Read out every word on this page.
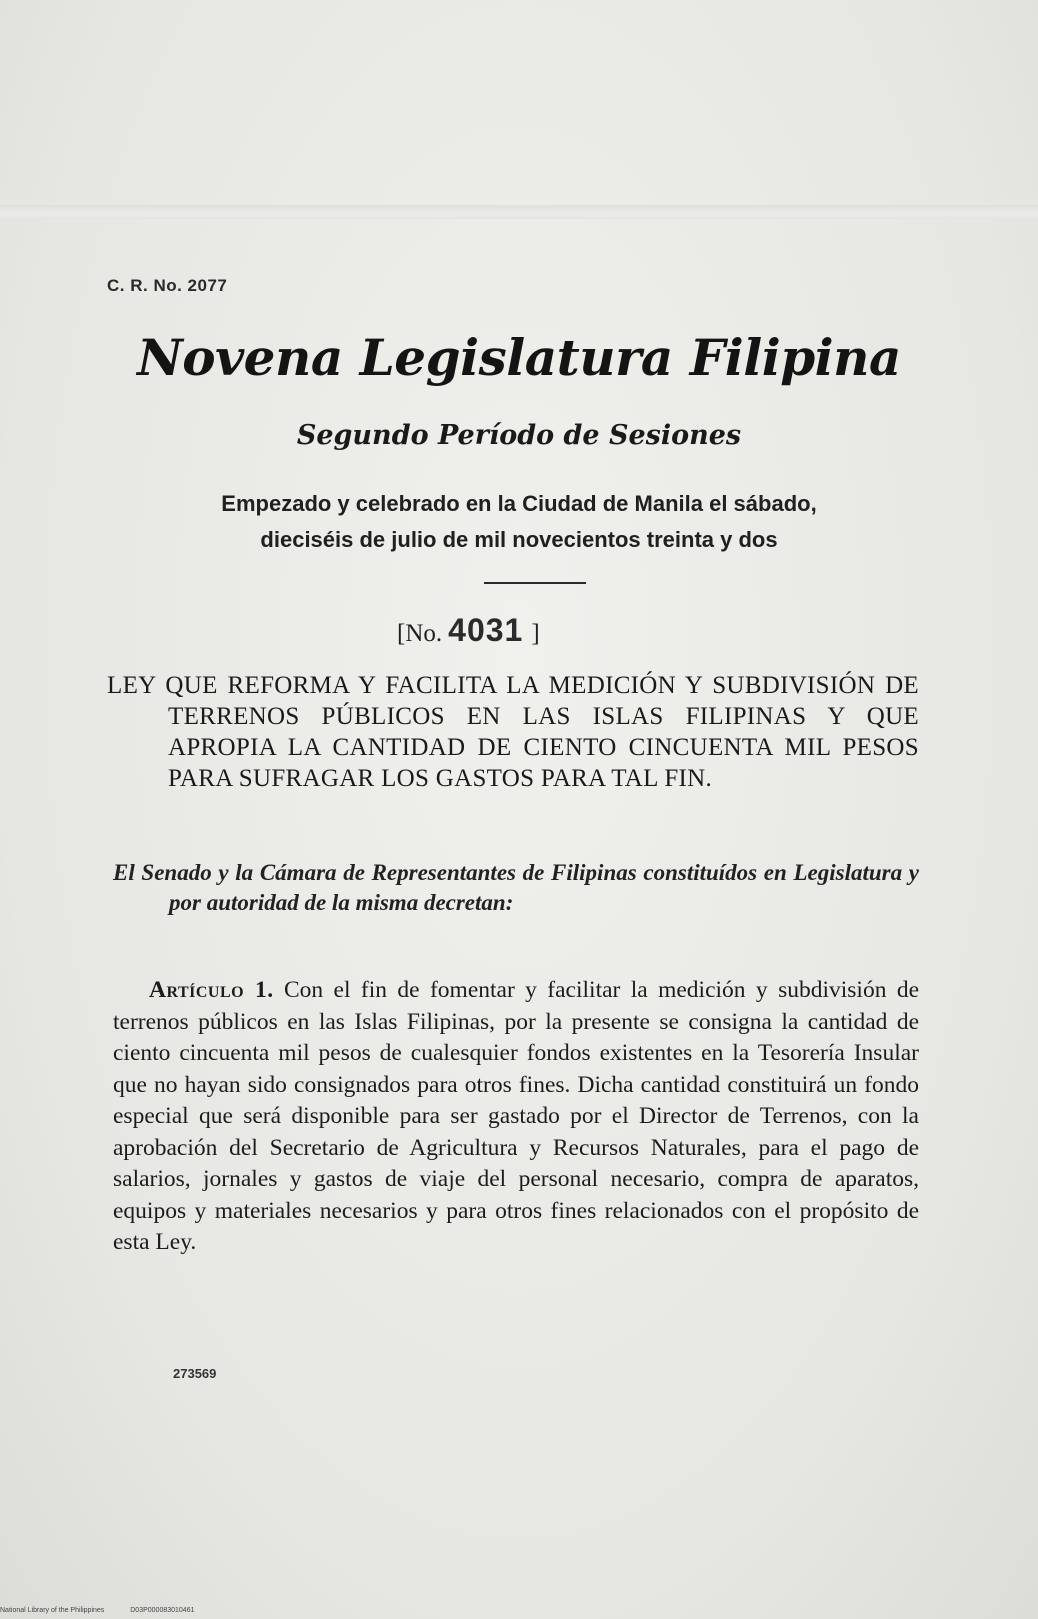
C. R. No. 2077
Novena Legislatura Filipina
Segundo Período de Sesiones
Empezado y celebrado en la Ciudad de Manila el sábado,
dieciséis de julio de mil novecientos treinta y dos
[No. 4031 ]
LEY QUE REFORMA Y FACILITA LA MEDICIÓN Y SUBDIVISIÓN DE TERRENOS PÚBLICOS EN LAS ISLAS FILIPINAS Y QUE APROPIA LA CANTIDAD DE CIENTO CINCUENTA MIL PESOS PARA SUFRAGAR LOS GASTOS PARA TAL FIN.
El Senado y la Cámara de Representantes de Filipinas constituídos en Legislatura y por autoridad de la misma decretan:
Artículo 1. Con el fin de fomentar y facilitar la medición y subdivisión de terrenos públicos en las Islas Filipinas, por la presente se consigna la cantidad de ciento cincuenta mil pesos de cualesquier fondos existentes en la Tesorería Insular que no hayan sido consignados para otros fines. Dicha cantidad constituirá un fondo especial que será disponible para ser gastado por el Director de Terrenos, con la aprobación del Secretario de Agricultura y Recursos Naturales, para el pago de salarios, jornales y gastos de viaje del personal necesario, compra de aparatos, equipos y materiales necesarios y para otros fines relacionados con el propósito de esta Ley.
273569
National Library of the Philippines	D03P000083010461
